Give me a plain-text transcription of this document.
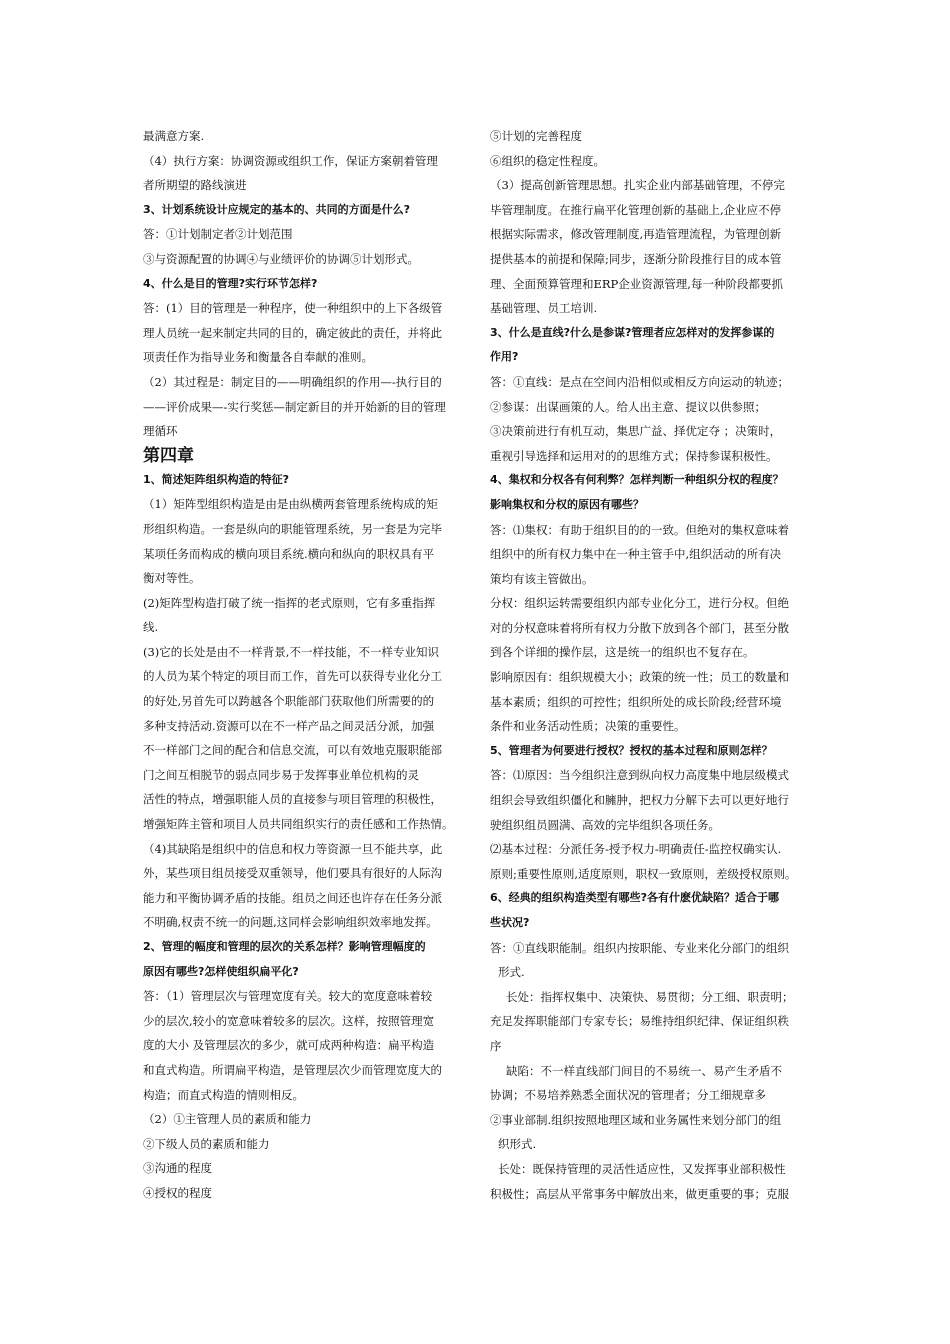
最满意方案.
（4）执行方案：协调资源或组织工作，保证方案朝着管理
者所期望的路线演进
3、计划系统设计应规定的基本的、共同的方面是什么?
答：①计划制定者②计划范围
③与资源配置的协调④与业绩评价的协调⑤计划形式。
4、什么是目的管理?实行环节怎样?
答：(1）目的管理是一种程序，使一种组织中的上下各级管
理人员统一起来制定共同的目的，确定彼此的责任，并将此
项责任作为指导业务和衡量各自奉献的准则。
（2）其过程是：制定目的——明确组织的作用—-执行目的
——评价成果—-实行奖惩—制定新目的并开始新的目的管理
理循环
第四章
1、简述矩阵组织构造的特征?
（1）矩阵型组织构造是由是由纵横两套管理系统构成的矩
形组织构造。一套是纵向的职能管理系统，另一套是为完毕
某项任务而构成的横向项目系统.横向和纵向的职权具有平
衡对等性。
(2)矩阵型构造打破了统一指挥的老式原则，它有多重指挥
线.
(3)它的长处是由不一样背景,不一样技能，不一样专业知识
的人员为某个特定的项目而工作，首先可以获得专业化分工
的好处,另首先可以跨越各个职能部门获取他们所需要的的
多种支持活动.资源可以在不一样产品之间灵活分派，加强
不一样部门之间的配合和信息交流，可以有效地克服职能部
门之间互相脱节的弱点同步易于发挥事业单位机构的灵
活性的特点，增强职能人员的直接参与项目管理的积极性，
增强矩阵主管和项目人员共同组织实行的责任感和工作热情。
（4)其缺陷是组织中的信息和权力等资源一旦不能共享，此
外，某些项目组员接受双重领导，他们要具有很好的人际沟
能力和平衡协调矛盾的技能。组员之间还也许存在任务分派
不明确,权责不统一的问题,这同样会影响组织效率地发挥。
2、管理的幅度和管理的层次的关系怎样？影响管理幅度的
原因有哪些?怎样使组织扁平化?
答：（1）管理层次与管理宽度有关。较大的宽度意味着较
少的层次,较小的宽意味着较多的层次。这样，按照管理宽
度的大小 及管理层次的多少，就可成两种构造：扁平构造
和直式构造。所谓扁平构造，是管理层次少而管理宽度大的
构造；而直式构造的情则相反。
（2）①主管理人员的素质和能力
②下级人员的素质和能力
③沟通的程度
④授权的程度
⑤计划的完善程度
⑥组织的稳定性程度。
（3）提高创新管理思想。扎实企业内部基础管理，不停完
毕管理制度。在推行扁平化管理创新的基础上,企业应不停
根据实际需求，修改管理制度,再造管理流程，为管理创新
提供基本的前提和保障;同步，逐渐分阶段推行目的成本管
理、全面预算管理和ERP企业资源管理,每一种阶段都要抓
基础管理、员工培训.
3、什么是直线?什么是参谋?管理者应怎样对的发挥参谋的
作用?
答：①直线：是点在空间内沿相似或相反方向运动的轨迹；
②参谋：出谋画策的人。给人出主意、提议以供参照；
③决策前进行有机互动，集思广益、择优定夺 ；决策时，
重视引导选择和运用对的的思维方式；保持参谋积极性。
4、集权和分权各有何利弊？怎样判断一种组织分权的程度？
影响集权和分权的原因有哪些？
答：⑴集权：有助于组织目的的一致。但绝对的集权意味着
组织中的所有权力集中在一种主管手中,组织活动的所有决
策均有该主管做出。
分权：组织运转需要组织内部专业化分工，进行分权。但绝
对的分权意味着将所有权力分散下放到各个部门，甚至分散
到各个详细的操作层，这是统一的组织也不复存在。
影响原因有：组织规模大小；政策的统一性；员工的数量和
基本素质；组织的可控性；组织所处的成长阶段;经营环境
条件和业务活动性质；决策的重要性。
5、管理者为何要进行授权？授权的基本过程和原则怎样？
答：⑴原因：当今组织注意到纵向权力高度集中地层级模式
组织会导致组织僵化和臃肿，把权力分解下去可以更好地行
驶组织组员圆满、高效的完毕组织各项任务。
⑵基本过程：分派任务-授予权力-明确责任-监控权确实认.
原则;重要性原则,适度原则，职权一致原则，差级授权原则。
6、经典的组织构造类型有哪些?各有什麽优缺陷？适合于哪
些状况?
答：①直线职能制。组织内按职能、专业来化分部门的组织
形式.
长处：指挥权集中、决策快、易贯彻；分工细、职责明；
充足发挥职能部门专家专长；易维持组织纪律、保证组织秩
序
缺陷：不一样直线部门间目的不易统一、易产生矛盾不
协调；不易培养熟悉全面状况的管理者；分工细规章多
②事业部制.组织按照地理区域和业务属性来划分部门的组
织形式.
长处：既保持管理的灵活性适应性，又发挥事业部积极性
积极性；高层从平常事务中解放出来，做更重要的事；克服
